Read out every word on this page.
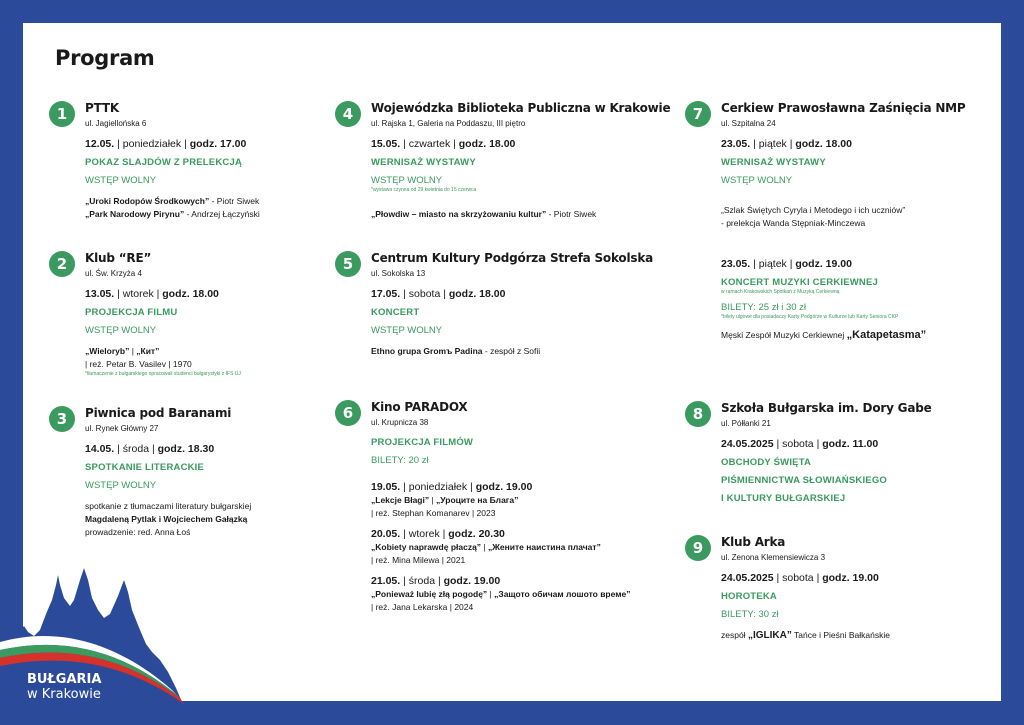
Program
1	PTTK
ul. Jagiellońska 6
12.05. | poniedziałek | godz. 17.00
POKAZ SLAJDÓW Z PRELEKCJĄ
WSTĘP WOLNY
„Uroki Rodopów Środkowych” - Piotr Siwek
„Park Narodowy Pirynu” - Andrzej Łączyński
2	Klub “RE”
ul. Św. Krzyża 4
13.05. | wtorek | godz. 18.00
PROJEKCJA FILMU
WSTĘP WOLNY
„Wieloryb” | „Кит”
| reż. Petar B. Vasilev | 1970
*tłumaczenie z bułgarskiego opracowali studenci bułgarystyki z IFS UJ
3	Piwnica pod Baranami
ul. Rynek Główny 27
14.05. | środa | godz. 18.30
SPOTKANIE LITERACKIE
WSTĘP WOLNY
spotkanie z tłumaczami literatury bułgarskiej
Magdaleną Pytlak i Wojciechem Gałązką
prowadzenie: red. Anna Łoś
4	Wojewódzka Biblioteka Publiczna w Krakowie
ul. Rajska 1, Galeria na Poddaszu, III piętro
15.05. | czwartek | godz. 18.00
WERNISAŻ WYSTAWY
WSTĘP WOLNY
*wystawa czynna od 29 kwietnia do 15 czerwca
„Płowdiw – miasto na skrzyżowaniu kultur” - Piotr Siwek
5	Centrum Kultury Podgórza Strefa Sokolska
ul. Sokolska 13
17.05. | sobota | godz. 18.00
KONCERT
WSTĘP WOLNY
Ethno grupa Gromъ Padina - zespół z Sofii
6	Kino PARADOX
ul. Krupnicza 38
PROJEKCJA FILMÓW
BILETY: 20 zł
19.05. | poniedziałek | godz. 19.00
„Lekcje Błagi” | „Уроците на Блага”
| reż. Stephan Komanarev | 2023
20.05. | wtorek | godz. 20.30
„Kobiety naprawdę płaczą” | „Жените наистина плачат”
| reż. Mina Milewa | 2021
21.05. | środa | godz. 19.00
„Ponieważ lubię złą pogodę” | „Защото обичам лошото време”
| reż. Jana Lekarska | 2024
7	Cerkiew Prawosławna Zaśnięcia NMP
ul. Szpitalna 24
23.05. | piątek | godz. 18.00
WERNISAŻ WYSTAWY
WSTĘP WOLNY
„Szlak Świętych Cyryla i Metodego i ich uczniów”
- prelekcja Wanda Stępniak-Minczewa
23.05. | piątek | godz. 19.00
KONCERT MUZYKI CERKIEWNEJ
w ramach Krakowskich Spotkań z Muzyką Cerkiewną
BILETY: 25 zł i 30 zł
*bilety ulgowe dla posiadaczy Karty Podgórze w Kulturze lub Karty Seniora CKP
Męski Zespół Muzyki Cerkiewnej „Katapetasma”
8	Szkoła Bułgarska im. Dory Gabe
ul. Półłanki 21
24.05.2025 | sobota | godz. 11.00
OBCHODY ŚWIĘTA
PIŚMIENNICTWA SŁOWIAŃSKIEGO
I KULTURY BUŁGARSKIEJ
9	Klub Arka
ul. Zenona Klemensiewicza 3
24.05.2025 | sobota | godz. 19.00
HOROTEKA
BILETY: 30 zł
zespół „IGLIKA” Tańce i Pieśni Bałkańskie
BUŁGARIA
w Krakowie
